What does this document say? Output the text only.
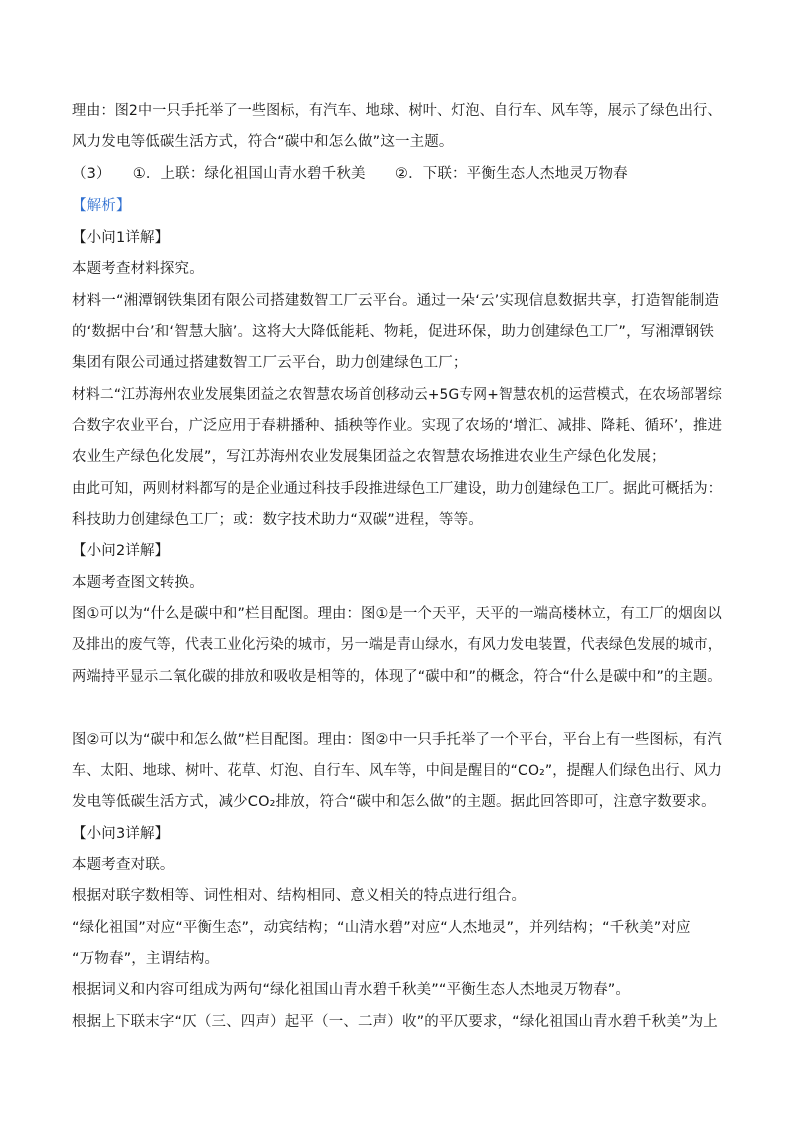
理由：图2中一只手托举了一些图标，有汽车、地球、树叶、灯泡、自行车、风车等，展示了绿色出行、
风力发电等低碳生活方式，符合“碳中和怎么做”这一主题。
（3）　　①．上联：绿化祖国山青水碧千秋美　　②．下联：平衡生态人杰地灵万物春
【解析】
【小问1详解】
本题考查材料探究。
材料一“湘潭钢铁集团有限公司搭建数智工厂云平台。通过一朵‘云’实现信息数据共享，打造智能制造
的‘数据中台’和‘智慧大脑’。这将大大降低能耗、物耗，促进环保，助力创建绿色工厂”，写湘潭钢铁
集团有限公司通过搭建数智工厂云平台，助力创建绿色工厂；
材料二“江苏海州农业发展集团益之农智慧农场首创移动云+5G专网+智慧农机的运营模式，在农场部署综
合数字农业平台，广泛应用于春耕播种、插秧等作业。实现了农场的‘增汇、减排、降耗、循环’，推进
农业生产绿色化发展”，写江苏海州农业发展集团益之农智慧农场推进农业生产绿色化发展；
由此可知，两则材料都写的是企业通过科技手段推进绿色工厂建设，助力创建绿色工厂。据此可概括为：
科技助力创建绿色工厂；或：数字技术助力“双碳”进程，等等。
【小问2详解】
本题考查图文转换。
图①可以为“什么是碳中和”栏目配图。理由：图①是一个天平，天平的一端高楼林立，有工厂的烟囱以
及排出的废气等，代表工业化污染的城市，另一端是青山绿水，有风力发电装置，代表绿色发展的城市，
两端持平显示二氧化碳的排放和吸收是相等的，体现了“碳中和”的概念，符合“什么是碳中和”的主题。
图②可以为“碳中和怎么做”栏目配图。理由：图②中一只手托举了一个平台，平台上有一些图标，有汽
车、太阳、地球、树叶、花草、灯泡、自行车、风车等，中间是醒目的“CO₂”，提醒人们绿色出行、风力
发电等低碳生活方式，减少CO₂排放，符合“碳中和怎么做”的主题。据此回答即可，注意字数要求。
【小问3详解】
本题考查对联。
根据对联字数相等、词性相对、结构相同、意义相关的特点进行组合。
“绿化祖国”对应“平衡生态”，动宾结构；“山清水碧”对应“人杰地灵”，并列结构；“千秋美”对应
“万物春”，主谓结构。
根据词义和内容可组成为两句“绿化祖国山青水碧千秋美”“平衡生态人杰地灵万物春”。
根据上下联末字“仄（三、四声）起平（一、二声）收”的平仄要求，“绿化祖国山青水碧千秋美”为上
